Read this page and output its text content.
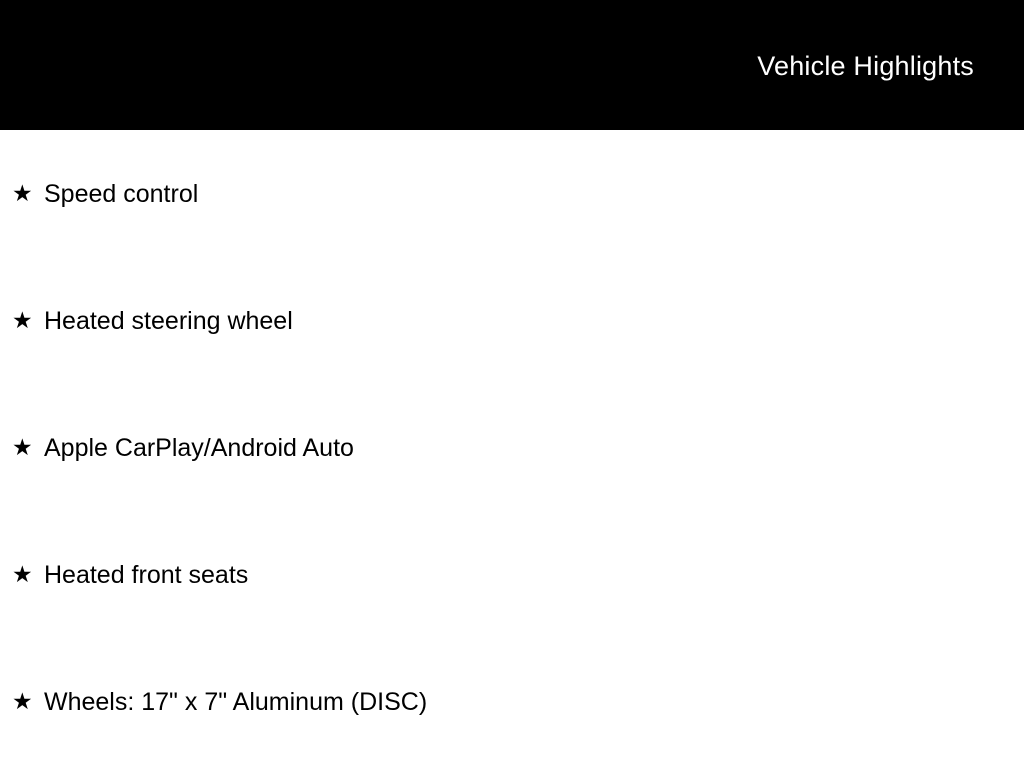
Vehicle Highlights
★ Speed control
★ Heated steering wheel
★ Apple CarPlay/Android Auto
★ Heated front seats
★ Wheels: 17" x 7" Aluminum (DISC)
